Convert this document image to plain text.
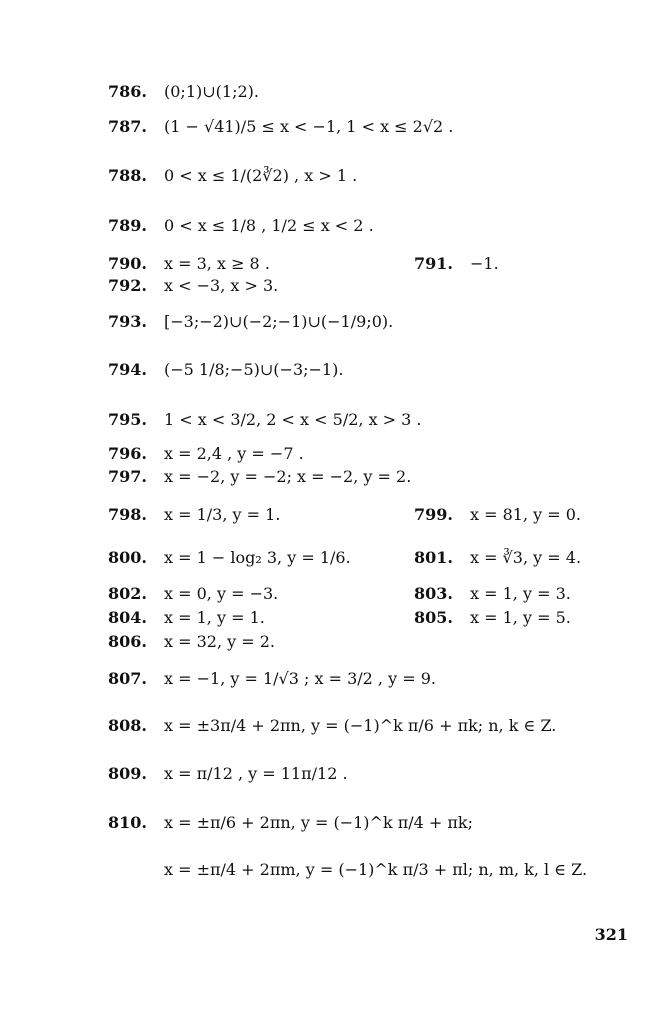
786.	(0;1)∪(1;2).
787.	(1 − √41)/5 ≤ x < −1, 1 < x ≤ 2√2 .
788.	0 < x ≤ 1/(2∛2) , x > 1 .
789.	0 < x ≤ 1/8 , 1/2 ≤ x < 2 .
790.	x = 3, x ≥ 8 .	791.	−1.
792.	x < −3, x > 3.
793.	[−3;−2)∪(−2;−1)∪(−1/9;0).
794.	(−5 1/8;−5)∪(−3;−1).
795.	1 < x < 3/2, 2 < x < 5/2, x > 3 .
796.	x = 2,4 , y = −7 .
797.	x = −2, y = −2; x = −2, y = 2.
798.	x = 1/3, y = 1.	799.	x = 81, y = 0.
800.	x = 1 − log₂ 3, y = 1/6.	801.	x = ∛3, y = 4.
802.	x = 0, y = −3.	803.	x = 1, y = 3.
804.	x = 1, y = 1.	805.	x = 1, y = 5.
806.	x = 32, y = 2.
807.	x = −1, y = 1/√3 ; x = 3/2 , y = 9.
808.	x = ±3π/4 + 2πn, y = (−1)^k π/6 + πk; n, k ∈ Z.
809.	x = π/12 , y = 11π/12 .
810.	x = ±π/6 + 2πn, y = (−1)^k π/4 + πk;
x = ±π/4 + 2πm, y = (−1)^k π/3 + πl; n, m, k, l ∈ Z.
321
